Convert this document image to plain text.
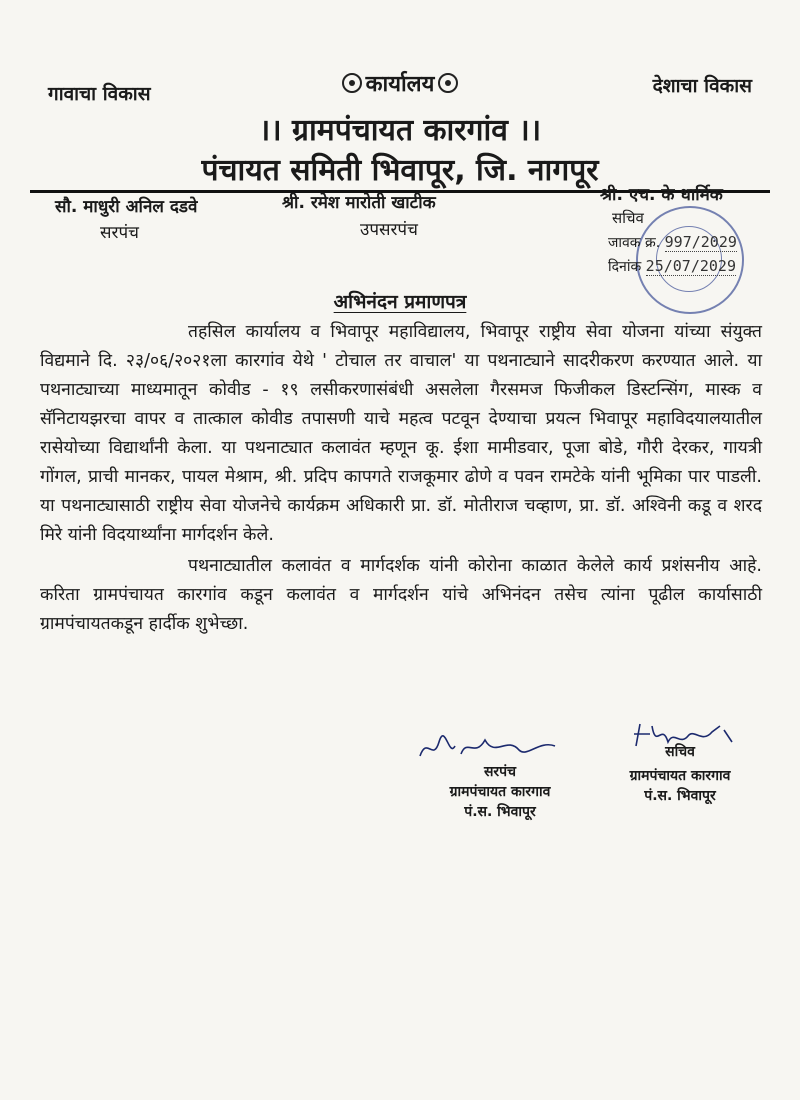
गावाचा विकास	कार्यालय	देशाचा विकास
।। ग्रामपंचायत कारगांव ।।
पंचायत समिती भिवापूर, जि. नागपूर
सौ. माधुरी अनिल दडवे
सरपंच
श्री. रमेश मारोती खाटीक
उपसरपंच
श्री. एच. के धार्मिक
सचिव
जावक क्र. 997/2029
दिनांक 25/07/2029
अभिनंदन प्रमाणपत्र

तहसिल कार्यालय व भिवापूर महाविद्यालय, भिवापूर राष्ट्रीय सेवा योजना यांच्या संयुक्त विद्यमाने दि. २३/०६/२०२१ला कारगांव येथे ' टोचाल तर वाचाल' या पथनाट्याने सादरीकरण करण्यात आले. या पथनाट्याच्या माध्यमातून कोवीड - १९ लसीकरणासंबंधी असलेला गैरसमज फिजीकल डिस्टन्सिंग, मास्क व सॅनिटायझरचा वापर व तात्काल कोवीड तपासणी याचे महत्व पटवून देण्याचा प्रयत्न भिवापूर महाविदयालयातील रासेयोच्या विद्यार्थांनी केला. या पथनाट्यात कलावंत म्हणून कू. ईशा मामीडवार, पूजा बोडे, गौरी देरकर, गायत्री गोंगल, प्राची मानकर, पायल मेश्राम, श्री. प्रदिप कापगते राजकूमार ढोणे व पवन रामटेके यांनी भूमिका पार पाडली. या पथनाट्यासाठी राष्ट्रीय सेवा योजनेचे कार्यक्रम अधिकारी प्रा. डॉ. मोतीराज चव्हाण, प्रा. डॉ. अश्विनी कडू व शरद मिरे यांनी विदयार्थ्यांना मार्गदर्शन केले.

पथनाट्यातील कलावंत व मार्गदर्शक यांनी कोरोना काळात केलेले कार्य प्रशंसनीय आहे. करिता ग्रामपंचायत कारगांव कडून कलावंत व मार्गदर्शन यांचे अभिनंदन तसेच त्यांना पूढील कार्यासाठी ग्रामपंचायतकडून हार्दीक शुभेच्छा.

सरपंच
ग्रामपंचायत कारगाव
पं.स. भिवापूर
सचिव
ग्रामपंचायत कारगाव
पं.स. भिवापूर
